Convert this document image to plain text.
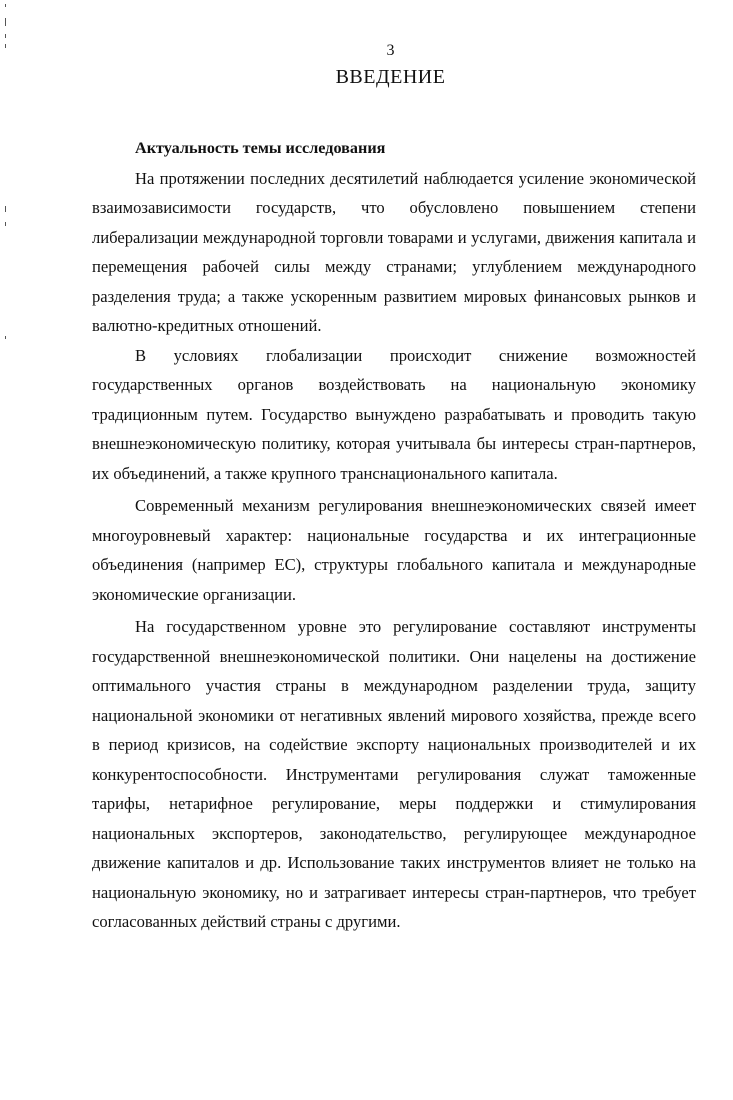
3
ВВЕДЕНИЕ

Актуальность темы исследования

На протяжении последних десятилетий наблюдается усиление экономической взаимозависимости государств, что обусловлено повышением степени либерализации международной торговли товарами и услугами, движения капитала и перемещения рабочей силы между странами; углублением международного разделения труда; а также ускоренным развитием мировых финансовых рынков и валютно-кредитных отношений.

В условиях глобализации происходит снижение возможностей государственных органов воздействовать на национальную экономику традиционным путем. Государство вынуждено разрабатывать и проводить такую внешнеэкономическую политику, которая учитывала бы интересы стран-партнеров, их объединений, а также крупного транснационального капитала.

Современный механизм регулирования внешнеэкономических связей имеет многоуровневый характер: национальные государства и их интеграционные объединения (например ЕС), структуры глобального капитала и международные экономические организации.

На государственном уровне это регулирование составляют инструменты государственной внешнеэкономической политики. Они нацелены на достижение оптимального участия страны в международном разделении труда, защиту национальной экономики от негативных явлений мирового хозяйства, прежде всего в период кризисов, на содействие экспорту национальных производителей и их конкурентоспособности. Инструментами регулирования служат таможенные тарифы, нетарифное регулирование, меры поддержки и стимулирования национальных экспортеров, законодательство, регулирующее международное движение капиталов и др. Использование таких инструментов влияет не только на национальную экономику, но и затрагивает интересы стран-партнеров, что требует согласованных действий страны с другими.
